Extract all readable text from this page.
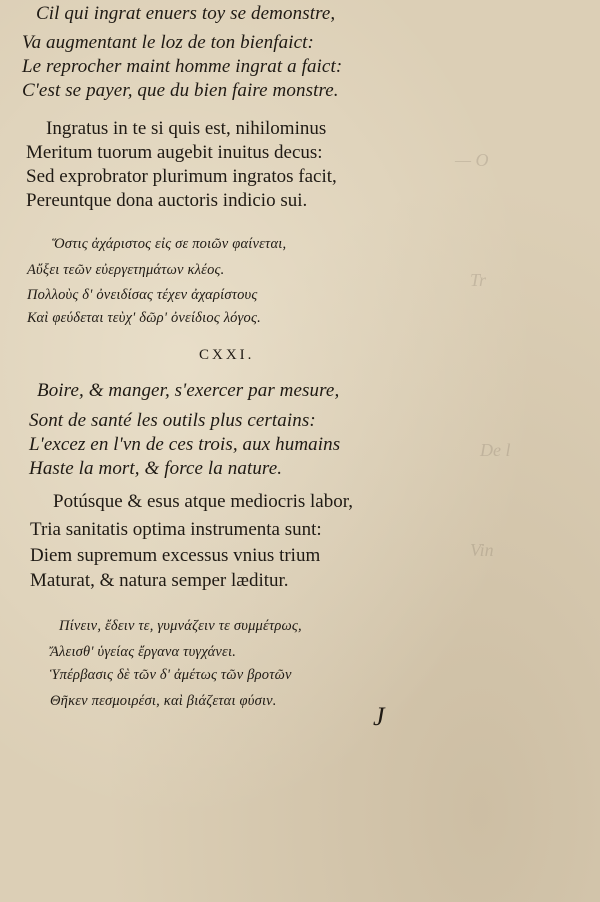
— O
Tr
De l
Vin
Cil qui ingrat enuers toy se demonstre,
Va augmentant le loz de ton bienfaict:
Le reprocher maint homme ingrat a faict:
C'est se payer, que du bien faire monstre.
Ingratus in te si quis est, nihilominus
Meritum tuorum augebit inuitus decus:
Sed exprobrator plurimum ingratos facit,
Pereuntque dona auctoris indicio sui.
Ὅστις ἀχάριστος εἰς σε ποιῶν φαίνεται,
Αὔξει τεῶν εὐεργετημάτων κλέος.
Πολλοὺς δ' ὀνειδίσας τέχεν ἀχαρίστους
Καὶ φεύδεται τεὺχ' δῶρ' ὀνείδιος λόγος.
CXXI.
Boire, & manger, s'exercer par mesure,
Sont de santé les outils plus certains:
L'excez en l'vn de ces trois, aux humains
Haste la mort, & force la nature.
Potúsque & esus atque mediocris labor,
Tria sanitatis optima instrumenta sunt:
Diem supremum excessus vnius trium
Maturat, & natura semper læditur.
Πίνειν, ἔδειν τε, γυμνάζειν τε συμμέτρως,
Ἄλεισθ' ὑγείας ἔργανα τυγχάνει.
Ὑπέρβασις δὲ τῶν δ' ἀμέτως τῶν βροτῶν
Θῆκεν πεσμοιρέσι, καὶ βιάζεται φύσιν.
J
